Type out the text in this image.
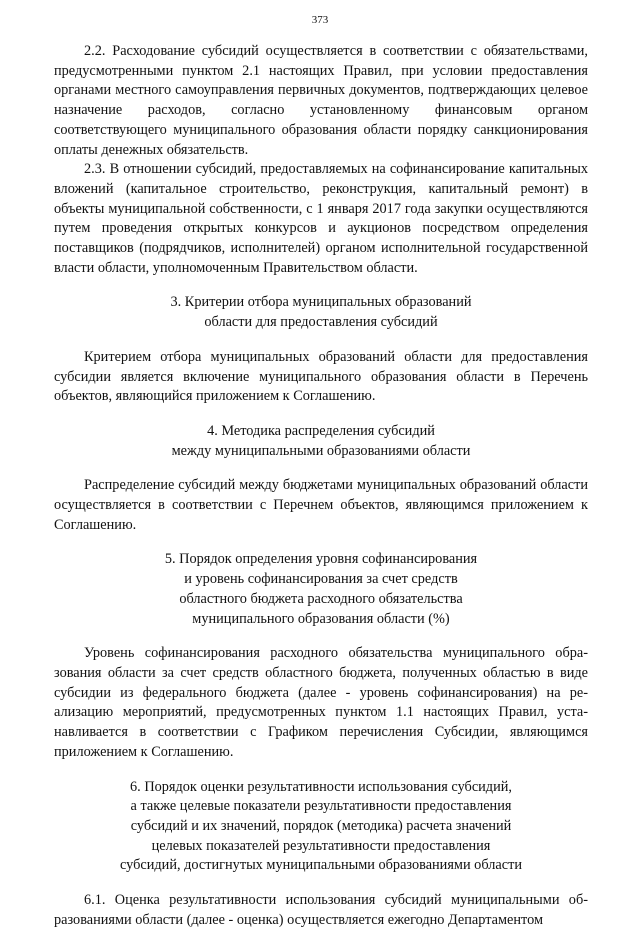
373

2.2. Расходование субсидий осуществляется в соответствии с обязательствами, предусмотренными пунктом 2.1 настоящих Правил, при условии предоставления органами местного самоуправления первичных документов, подтверждающих целевое назначение расходов, согласно установленному финансовым органом соответствующего муниципального образования области порядку санкционирования оплаты денежных обязательств.

2.3. В отношении субсидий, предоставляемых на софинансирование капитальных вложений (капитальное строительство, реконструкция, капитальный ремонт) в объекты муниципальной собственности, с 1 января 2017 года закупки осуществляются путем проведения открытых конкурсов и аукционов посредством определения поставщиков (подрядчиков, исполнителей) органом исполнительной государственной власти области, уполномоченным Правительством области.

3. Критерии отбора муниципальных образований
области для предоставления субсидий

Критерием отбора муниципальных образований области для предоставления субсидии является включение муниципального образования области в Перечень объектов, являющийся приложением к Соглашению.

4. Методика распределения субсидий
между муниципальными образованиями области

Распределение субсидий между бюджетами муниципальных образований области осуществляется в соответствии с Перечнем объектов, являющимся приложением к Соглашению.

5. Порядок определения уровня софинансирования
и уровень софинансирования за счет средств
областного бюджета расходного обязательства
муниципального образования области (%)

Уровень софинансирования расходного обязательства муниципального образования области за счет средств областного бюджета, полученных областью в виде субсидии из федерального бюджета (далее - уровень софинансирования) на реализацию мероприятий, предусмотренных пунктом 1.1 настоящих Правил, устанавливается в соответствии с Графиком перечисления Субсидии, являющимся приложением к Соглашению.

6. Порядок оценки результативности использования субсидий,
а также целевые показатели результативности предоставления
субсидий и их значений, порядок (методика) расчета значений
целевых показателей результативности предоставления
субсидий, достигнутых муниципальными образованиями области

6.1. Оценка результативности использования субсидий муниципальными образованиями области (далее - оценка) осуществляется ежегодно Департаментом
